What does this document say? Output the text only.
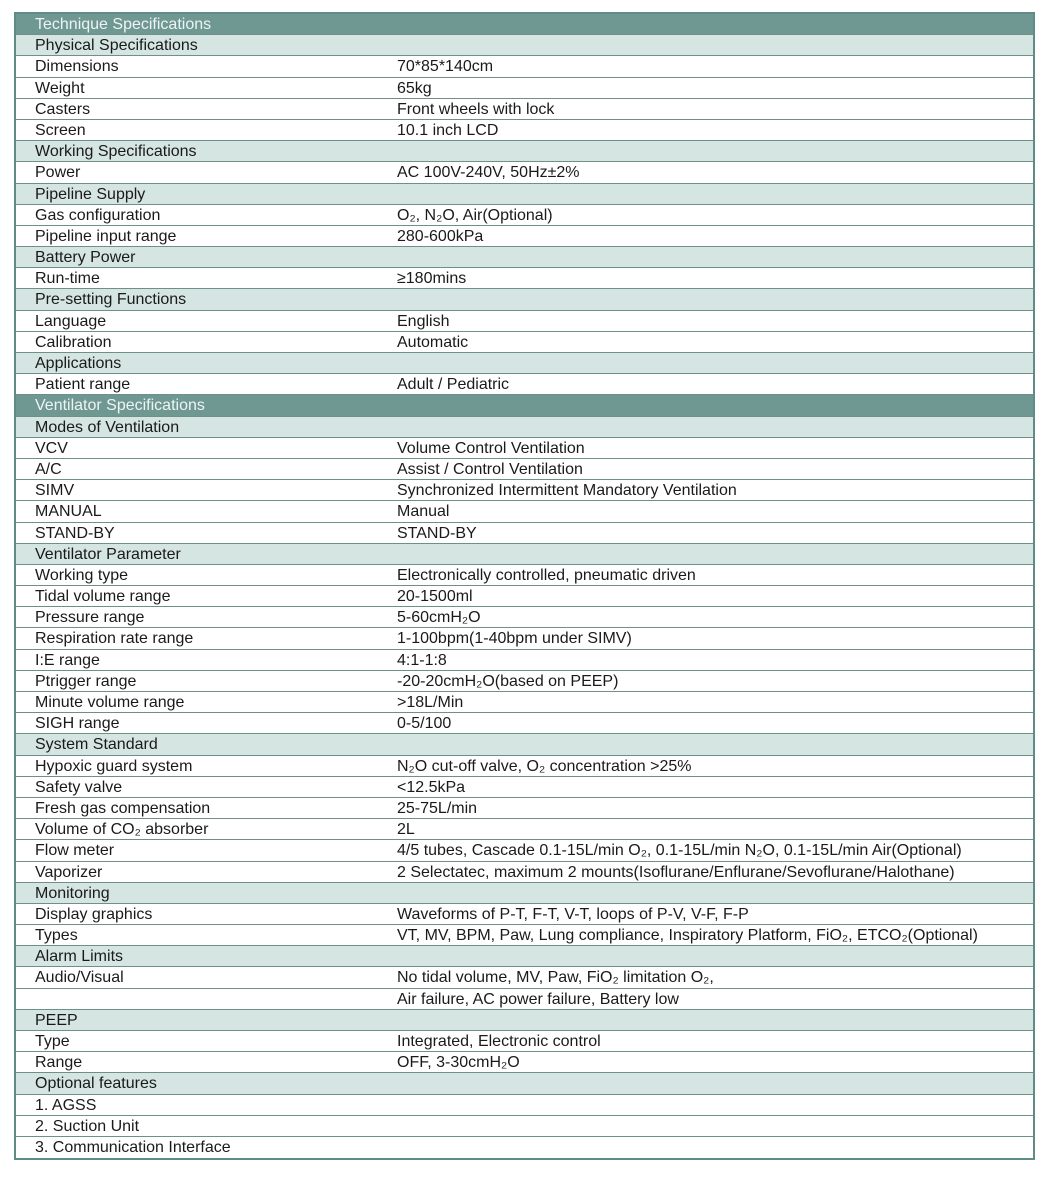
Technique Specifications
Physical Specifications
Dimensions	70*85*140cm
Weight	65kg
Casters	Front wheels with lock
Screen	10.1 inch LCD
Working Specifications
Power	AC 100V-240V, 50Hz±2%
Pipeline Supply
Gas configuration	O₂, N₂O, Air(Optional)
Pipeline input range	280-600kPa
Battery Power
Run-time	≥180mins
Pre-setting Functions
Language	English
Calibration	Automatic
Applications
Patient range	Adult / Pediatric
Ventilator Specifications
Modes of Ventilation
VCV	Volume Control Ventilation
A/C	Assist / Control Ventilation
SIMV	Synchronized Intermittent Mandatory Ventilation
MANUAL	Manual
STAND-BY	STAND-BY
Ventilator Parameter
Working type	Electronically controlled, pneumatic driven
Tidal volume range	20-1500ml
Pressure range	5-60cmH₂O
Respiration rate range	1-100bpm(1-40bpm under SIMV)
I:E range	4:1-1:8
Ptrigger range	-20-20cmH₂O(based on PEEP)
Minute volume range	>18L/Min
SIGH range	0-5/100
System Standard
Hypoxic guard system	N₂O cut-off valve, O₂ concentration >25%
Safety valve	<12.5kPa
Fresh gas compensation	25-75L/min
Volume of CO₂ absorber	2L
Flow meter	4/5 tubes, Cascade 0.1-15L/min O₂, 0.1-15L/min N₂O, 0.1-15L/min Air(Optional)
Vaporizer	2 Selectatec, maximum 2 mounts(Isoflurane/Enflurane/Sevoflurane/Halothane)
Monitoring
Display graphics	Waveforms of P-T, F-T, V-T, loops of P-V, V-F, F-P
Types	VT, MV, BPM, Paw, Lung compliance, Inspiratory Platform, FiO₂, ETCO₂(Optional)
Alarm Limits
Audio/Visual	No tidal volume, MV, Paw, FiO₂ limitation O₂,
Air failure, AC power failure, Battery low
PEEP
Type	Integrated, Electronic control
Range	OFF, 3-30cmH₂O
Optional features
1. AGSS
2. Suction Unit
3. Communication Interface
